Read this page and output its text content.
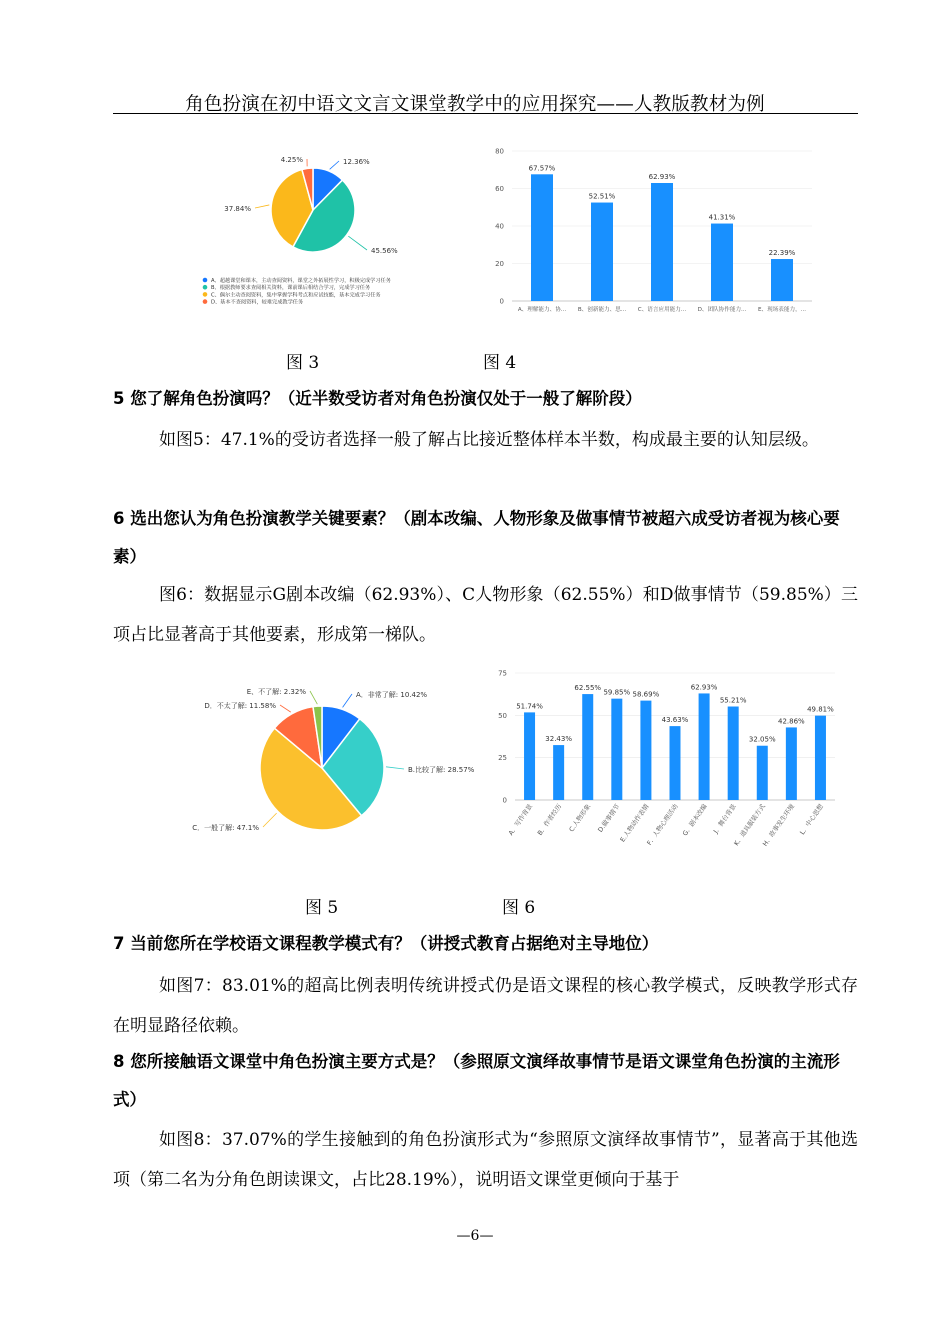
角色扮演在初中语文文言文课堂教学中的应用探究——人教版教材为例
12.36%
45.56%
37.84%
4.25%
A、超越课堂和课本，主动查阅资料，课堂之外拓展性学习，积极完成学习任务
B、根据教师要求查阅相关资料，课前课后相结合学习，完成学习任务
C、偶尔主动查阅资料，集中掌握学科考点和应试技能，基本完成学习任务
D、基本不查阅资料，较难完成教学任务	0
20
40
60
80
A、理解能力、协... B、创新能力、思... C、语言应用能力... D、团队协作能力... E、现场表能力，...
67.57%
52.51%
62.93%
41.31%
22.39%
图 3	图 4
5 您了解角色扮演吗？（近半数受访者对角色扮演仅处于一般了解阶段）
如图5：47.1%的受访者选择一般了解占比接近整体样本半数，构成最主要的认知层级。
6 选出您认为角色扮演教学关键要素？（剧本改编、人物形象及做事情节被超六成受访者视为核心要素）
图6：数据显示G剧本改编（62.93%）、C人物形象（62.55%）和D做事情节（59.85%）三项占比显著高于其他要素，形成第一梯队。
A．非常了解: 10.42%
B.比较了解: 28.57%
C．一般了解: 47.1%
D．不太了解: 11.58%
E、不了解: 2.32%
0
25
50
75
A．写作背景 B．作者经历 C.人物形象 D.做事情节
E.人物动作表情
F．人物心理活动 G．剧本改编 J．舞台背景
K．道具服装方式
H．故事发生环境 L．中心思想
51.74%
32.43%
62.55%
59.85% 58.69%
43.63%
62.93%
55.21%
32.05%
42.86%
49.81%
图 5	图 6
7 当前您所在学校语文课程教学模式有？（讲授式教育占据绝对主导地位）
如图7：83.01%的超高比例表明传统讲授式仍是语文课程的核心教学模式，反映教学形式存在明显路径依赖。
8 您所接触语文课堂中角色扮演主要方式是？（参照原文演绎故事情节是语文课堂角色扮演的主流形式）
如图8：37.07%的学生接触到的角色扮演形式为“参照原文演绎故事情节”，显著高于其他选项（第二名为分角色朗读课文，占比28.19%），说明语文课堂更倾向于基于
—6—
